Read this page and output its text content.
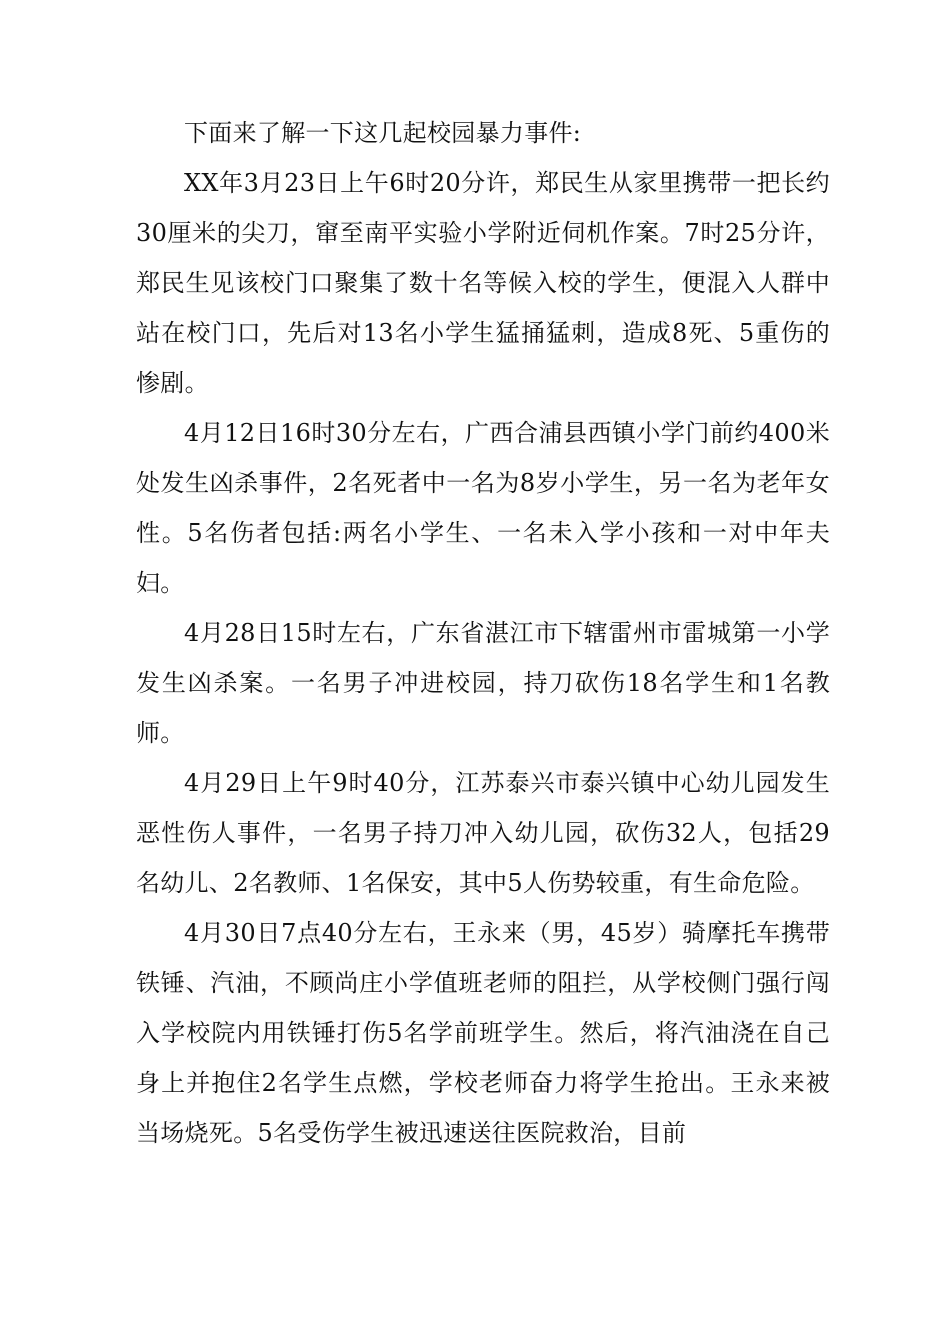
下面来了解一下这几起校园暴力事件:

XX年3月23日上午6时20分许，郑民生从家里携带一把长约30厘米的尖刀，窜至南平实验小学附近伺机作案。7时25分许，郑民生见该校门口聚集了数十名等候入校的学生，便混入人群中站在校门口，先后对13名小学生猛捅猛刺，造成8死、5重伤的惨剧。

4月12日16时30分左右，广西合浦县西镇小学门前约400米处发生凶杀事件，2名死者中一名为8岁小学生，另一名为老年女性。5名伤者包括:两名小学生、一名未入学小孩和一对中年夫妇。

4月28日15时左右，广东省湛江市下辖雷州市雷城第一小学发生凶杀案。一名男子冲进校园，持刀砍伤18名学生和1名教师。

4月29日上午9时40分，江苏泰兴市泰兴镇中心幼儿园发生恶性伤人事件，一名男子持刀冲入幼儿园，砍伤32人，包括29名幼儿、2名教师、1名保安，其中5人伤势较重，有生命危险。

4月30日7点40分左右，王永来（男，45岁）骑摩托车携带铁锤、汽油，不顾尚庄小学值班老师的阻拦，从学校侧门强行闯入学校院内用铁锤打伤5名学前班学生。然后，将汽油浇在自己身上并抱住2名学生点燃，学校老师奋力将学生抢出。王永来被当场烧死。5名受伤学生被迅速送往医院救治，目前
